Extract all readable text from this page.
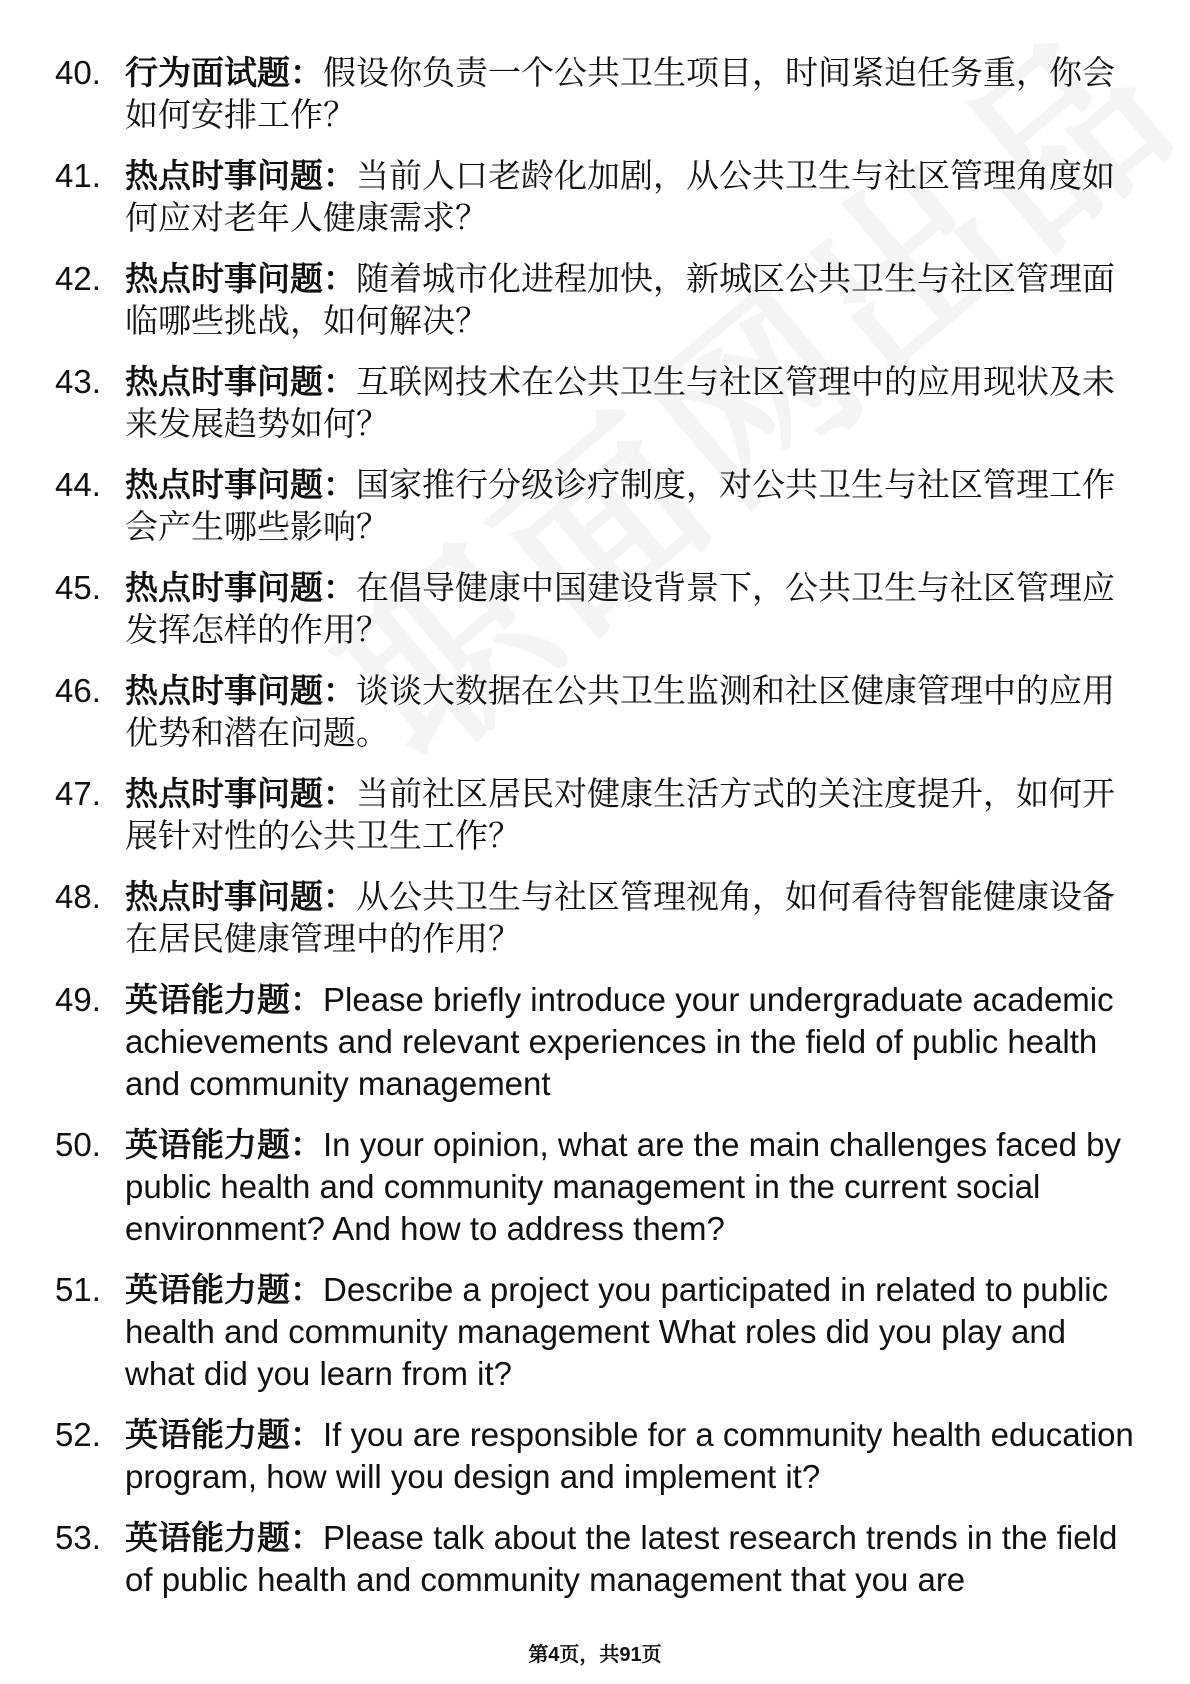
40. 行为面试题：假设你负责一个公共卫生项目，时间紧迫任务重，你会如何安排工作？
41. 热点时事问题：当前人口老龄化加剧，从公共卫生与社区管理角度如何应对老年人健康需求？
42. 热点时事问题：随着城市化进程加快，新城区公共卫生与社区管理面临哪些挑战，如何解决？
43. 热点时事问题：互联网技术在公共卫生与社区管理中的应用现状及未来发展趋势如何？
44. 热点时事问题：国家推行分级诊疗制度，对公共卫生与社区管理工作会产生哪些影响？
45. 热点时事问题：在倡导健康中国建设背景下，公共卫生与社区管理应发挥怎样的作用？
46. 热点时事问题：谈谈大数据在公共卫生监测和社区健康管理中的应用优势和潜在问题。
47. 热点时事问题：当前社区居民对健康生活方式的关注度提升，如何开展针对性的公共卫生工作？
48. 热点时事问题：从公共卫生与社区管理视角，如何看待智能健康设备在居民健康管理中的作用？
49. 英语能力题：Please briefly introduce your undergraduate academic achievements and relevant experiences in the field of public health and community management
50. 英语能力题：In your opinion, what are the main challenges faced by public health and community management in the current social environment? And how to address them?
51. 英语能力题：Describe a project you participated in related to public health and community management What roles did you play and what did you learn from it?
52. 英语能力题：If you are responsible for a community health education program, how will you design and implement it?
53. 英语能力题：Please talk about the latest research trends in the field of public health and community management that you are
第4页，共91页
